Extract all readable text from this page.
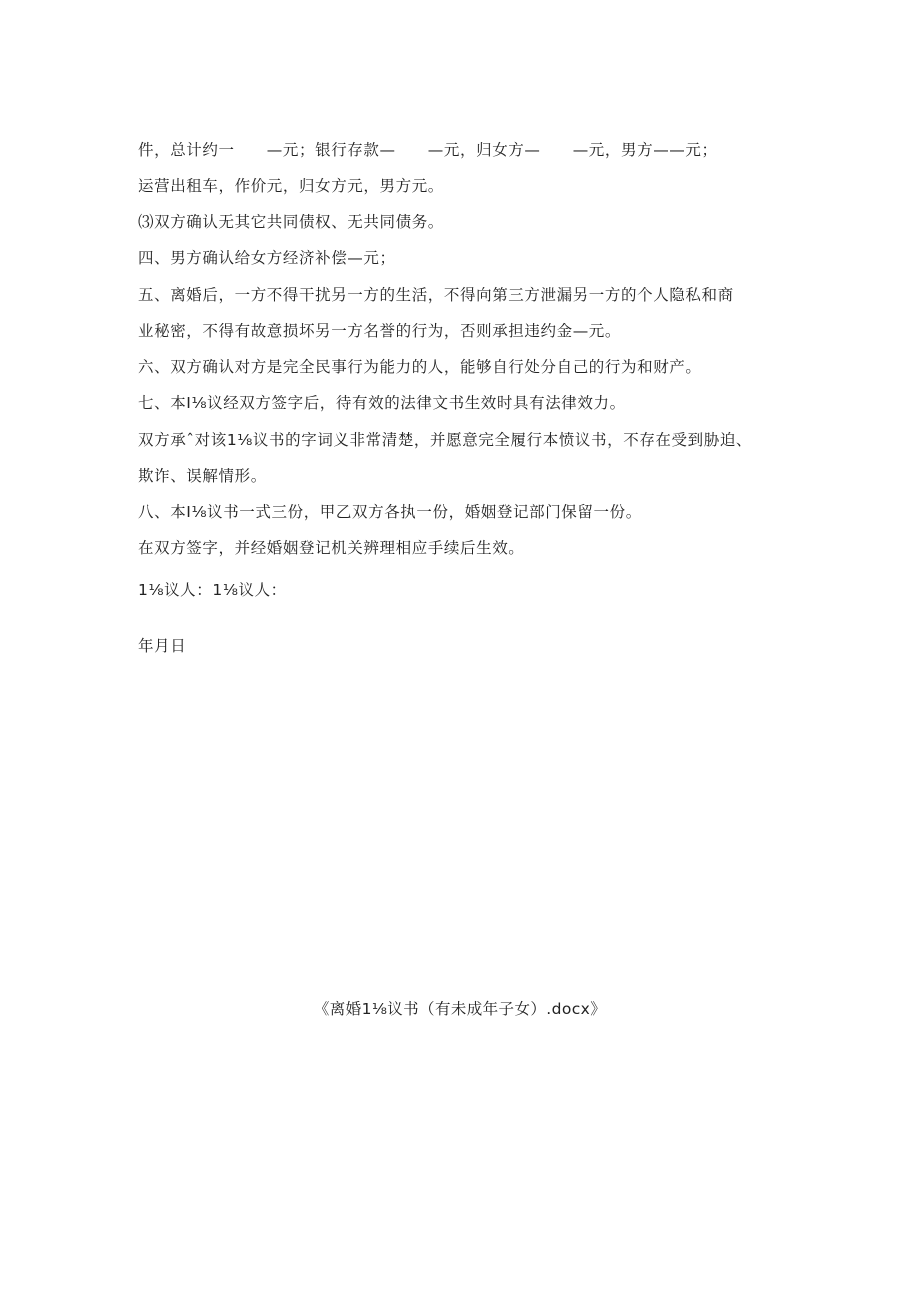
件，总计约一　　—元；银行存款—　　—元，归女方—　　—元，男方——元；
运营出租车，作价元，归女方元，男方元。
⑶双方确认无其它共同债权、无共同债务。
四、男方确认给女方经济补偿—元；
五、离婚后，一方不得干扰另一方的生活，不得向第三方泄漏另一方的个人隐私和商
业秘密，不得有故意损坏另一方名誉的行为，否则承担违约金—元。
六、双方确认对方是完全民事行为能力的人，能够自行处分自己的行为和财产。
七、本I⅛议经双方签字后，待有效的法律文书生效时具有法律效力。
双方承ˆ对该1⅛议书的字词义非常清楚，并愿意完全履行本愤议书，不存在受到胁迫、
欺诈、误解情形。
八、本I⅛议书一式三份，甲乙双方各执一份，婚姻登记部门保留一份。
在双方签字，并经婚姻登记机关辨理相应手续后生效。
1⅛议人：1⅛议人：
年月日
《离婚1⅛议书（有未成年子女）.docx》
